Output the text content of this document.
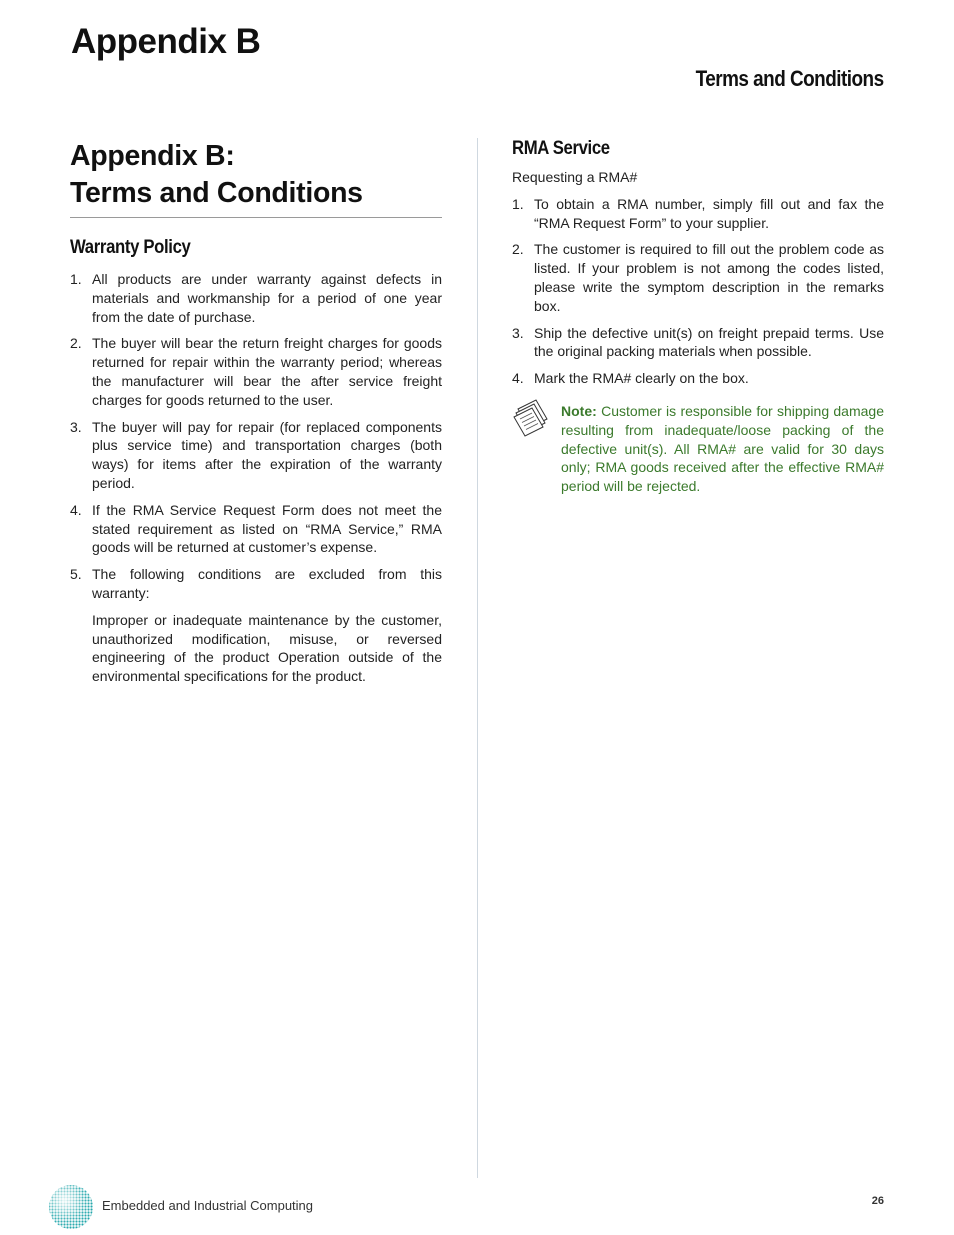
Appendix B
Terms and Conditions
Appendix B:
Terms and Conditions
Warranty Policy
1. All products are under warranty against defects in materials and workmanship for a period of one year from the date of purchase.
2. The buyer will bear the return freight charges for goods returned for repair within the warranty period; whereas the manufacturer will bear the after service freight charges for goods returned to the user.
3. The buyer will pay for repair (for replaced components plus service time) and transportation charges (both ways) for items after the expiration of the warranty period.
4. If the RMA Service Request Form does not meet the stated requirement as listed on “RMA Service,” RMA goods will be returned at customer’s expense.
5. The following conditions are excluded from this warranty:

Improper or inadequate maintenance by the customer, unauthorized modification, misuse, or reversed engineering of the product Operation outside of the environmental specifications for the product.

RMA Service

Requesting a RMA#

1. To obtain a RMA number, simply fill out and fax the “RMA Request Form” to your supplier.
2. The customer is required to fill out the problem code as listed. If your problem is not among the codes listed, please write the symptom description in the remarks box.
3. Ship the defective unit(s) on freight prepaid terms. Use the original packing materials when possible.
4. Mark the RMA# clearly on the box.

Note: Customer is responsible for shipping damage resulting from inadequate/loose packing of the defective unit(s). All RMA# are valid for 30 days only; RMA goods received after the effective RMA# period will be rejected.

Embedded and Industrial Computing	26
